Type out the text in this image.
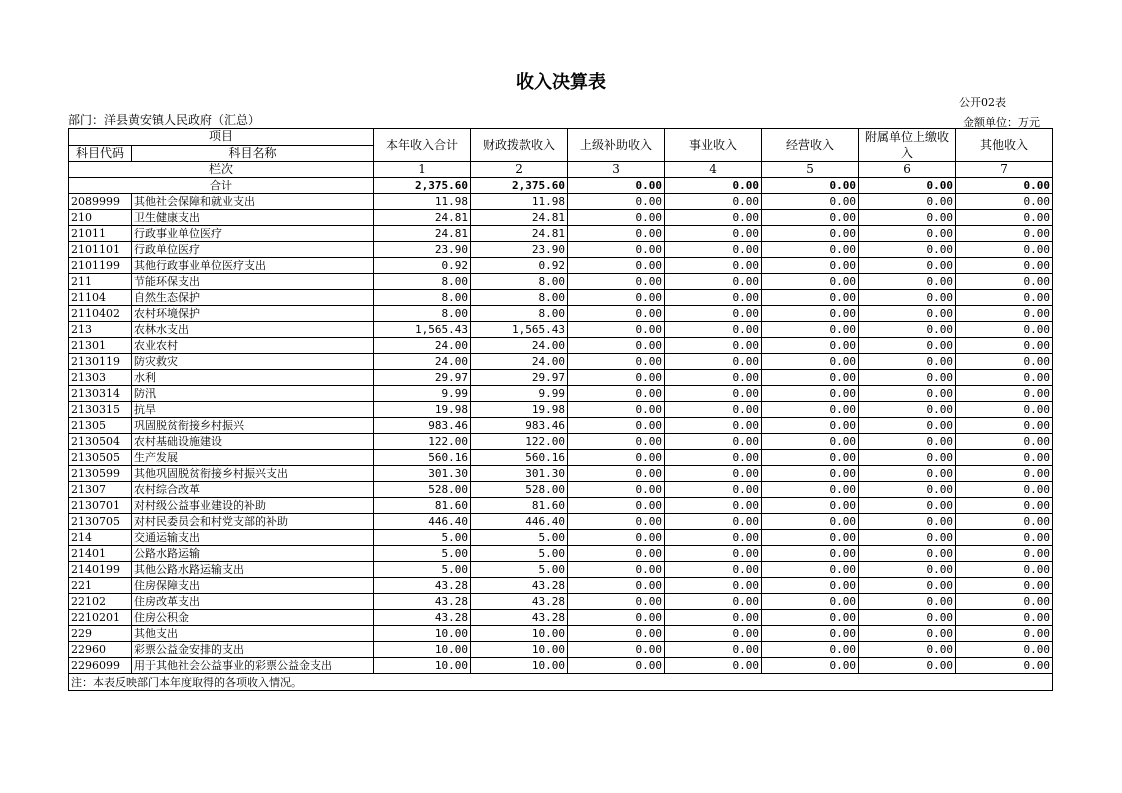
收入决算表
公开02表
部门：洋县黄安镇人民政府（汇总）	金额单位：万元
项目		本年收入合计	财政拨款收入	上级补助收入	事业收入	经营收入	附属单位上缴收入	其他收入
科目代码	科目名称							
栏次		1	2	3	4	5	6	7
合计		2,375.60	2,375.60	0.00	0.00	0.00	0.00	0.00
2089999	其他社会保障和就业支出	11.98	11.98	0.00	0.00	0.00	0.00	0.00
210	卫生健康支出	24.81	24.81	0.00	0.00	0.00	0.00	0.00
21011	行政事业单位医疗	24.81	24.81	0.00	0.00	0.00	0.00	0.00
2101101	行政单位医疗	23.90	23.90	0.00	0.00	0.00	0.00	0.00
2101199	其他行政事业单位医疗支出	0.92	0.92	0.00	0.00	0.00	0.00	0.00
211	节能环保支出	8.00	8.00	0.00	0.00	0.00	0.00	0.00
21104	自然生态保护	8.00	8.00	0.00	0.00	0.00	0.00	0.00
2110402	农村环境保护	8.00	8.00	0.00	0.00	0.00	0.00	0.00
213	农林水支出	1,565.43	1,565.43	0.00	0.00	0.00	0.00	0.00
21301	农业农村	24.00	24.00	0.00	0.00	0.00	0.00	0.00
2130119	防灾救灾	24.00	24.00	0.00	0.00	0.00	0.00	0.00
21303	水利	29.97	29.97	0.00	0.00	0.00	0.00	0.00
2130314	防汛	9.99	9.99	0.00	0.00	0.00	0.00	0.00
2130315	抗旱	19.98	19.98	0.00	0.00	0.00	0.00	0.00
21305	巩固脱贫衔接乡村振兴	983.46	983.46	0.00	0.00	0.00	0.00	0.00
2130504	农村基础设施建设	122.00	122.00	0.00	0.00	0.00	0.00	0.00
2130505	生产发展	560.16	560.16	0.00	0.00	0.00	0.00	0.00
2130599	其他巩固脱贫衔接乡村振兴支出	301.30	301.30	0.00	0.00	0.00	0.00	0.00
21307	农村综合改革	528.00	528.00	0.00	0.00	0.00	0.00	0.00
2130701	对村级公益事业建设的补助	81.60	81.60	0.00	0.00	0.00	0.00	0.00
2130705	对村民委员会和村党支部的补助	446.40	446.40	0.00	0.00	0.00	0.00	0.00
214	交通运输支出	5.00	5.00	0.00	0.00	0.00	0.00	0.00
21401	公路水路运输	5.00	5.00	0.00	0.00	0.00	0.00	0.00
2140199	其他公路水路运输支出	5.00	5.00	0.00	0.00	0.00	0.00	0.00
221	住房保障支出	43.28	43.28	0.00	0.00	0.00	0.00	0.00
22102	住房改革支出	43.28	43.28	0.00	0.00	0.00	0.00	0.00
2210201	住房公积金	43.28	43.28	0.00	0.00	0.00	0.00	0.00
229	其他支出	10.00	10.00	0.00	0.00	0.00	0.00	0.00
22960	彩票公益金安排的支出	10.00	10.00	0.00	0.00	0.00	0.00	0.00
2296099	用于其他社会公益事业的彩票公益金支出	10.00	10.00	0.00	0.00	0.00	0.00	0.00
注：本表反映部门本年度取得的各项收入情况。								
